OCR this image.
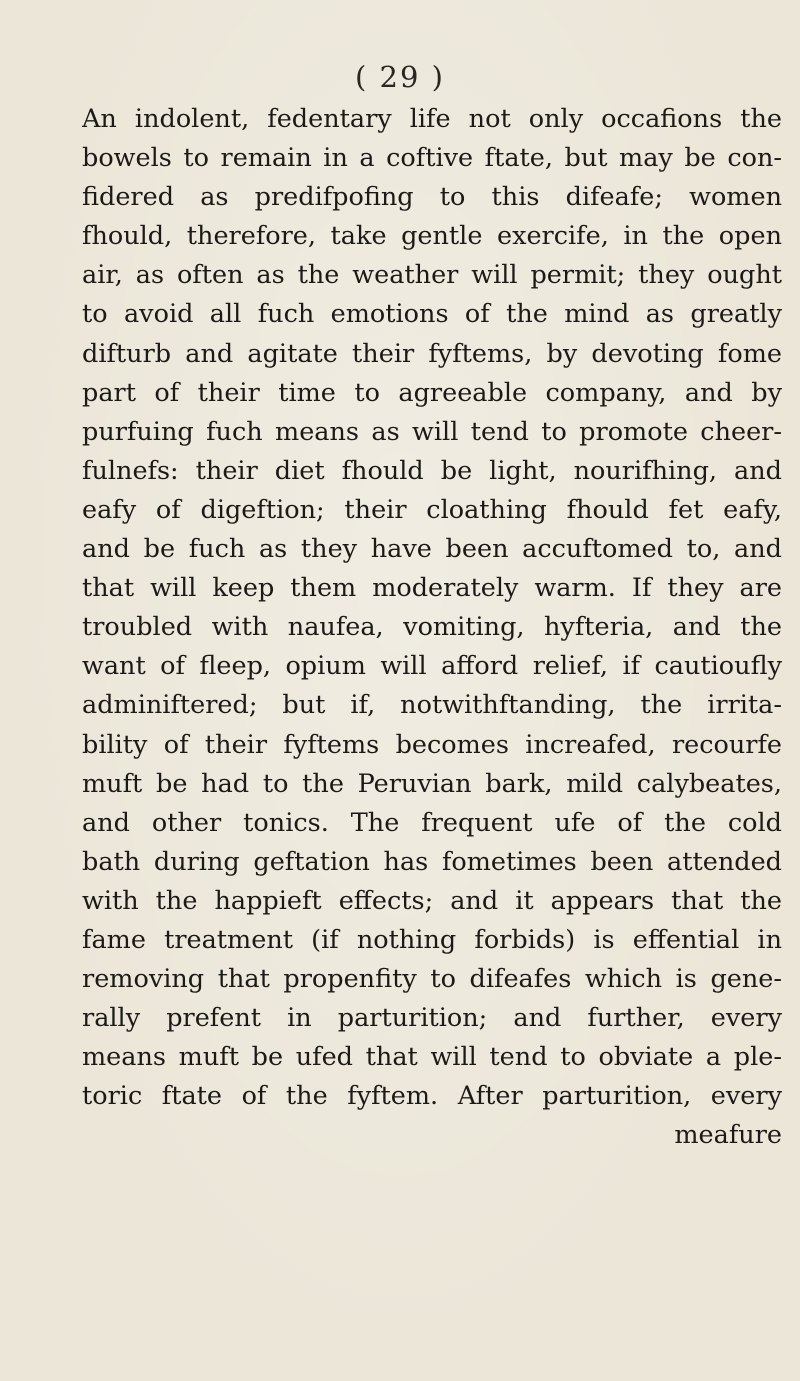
( 29 )
An indolent, fedentary life not only occafions the
bowels to remain in a coftive ftate, but may be con-
fidered as predifpofing to this difeafe; women
fhould, therefore, take gentle exercife, in the open
air, as often as the weather will permit; they ought
to avoid all fuch emotions of the mind as greatly
difturb and agitate their fyftems, by devoting fome
part of their time to agreeable company, and by
purfuing fuch means as will tend to promote cheer-
fulnefs: their diet fhould be light, nourifhing, and
eafy of digeftion; their cloathing fhould fet eafy,
and be fuch as they have been accuftomed to, and
that will keep them moderately warm. If they are
troubled with naufea, vomiting, hyfteria, and the
want of fleep, opium will afford relief, if cautioufly
adminiftered; but if, notwithftanding, the irrita-
bility of their fyftems becomes increafed, recourfe
muft be had to the Peruvian bark, mild calybeates,
and other tonics. The frequent ufe of the cold
bath during geftation has fometimes been attended
with the happieft effects; and it appears that the
fame treatment (if nothing forbids) is effential in
removing that propenfity to difeafes which is gene-
rally prefent in parturition; and further, every
means muft be ufed that will tend to obviate a ple-
toric ftate of the fyftem. After parturition, every
meafure
